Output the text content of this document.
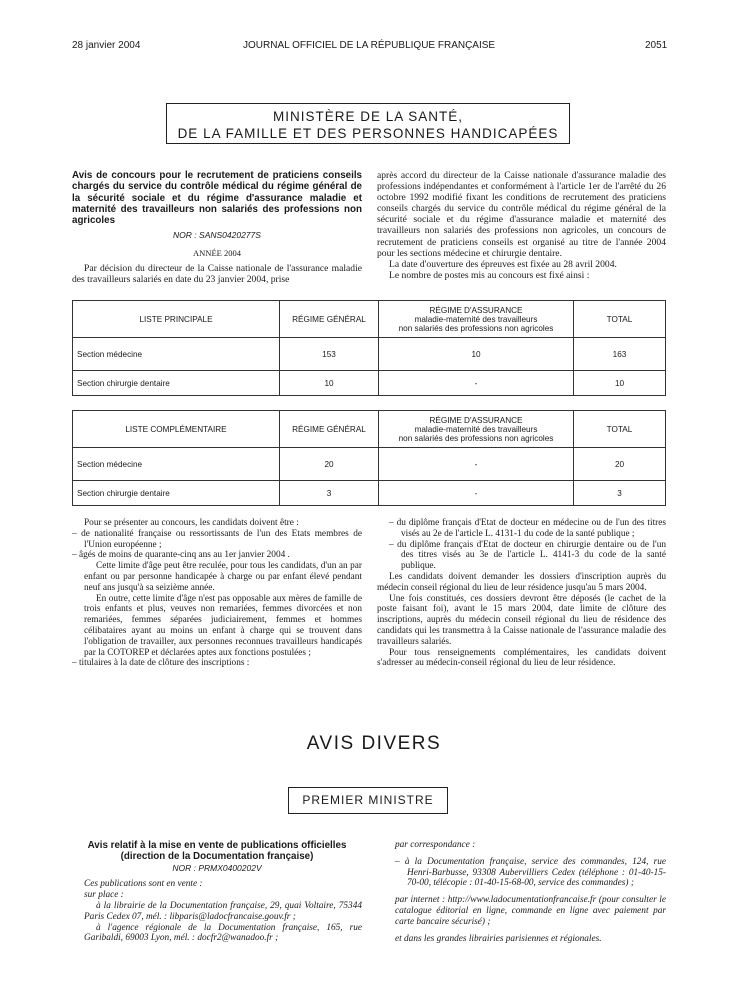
28 janvier 2004	JOURNAL OFFICIEL DE LA RÉPUBLIQUE FRANÇAISE	2051
MINISTÈRE DE LA SANTÉ,
DE LA FAMILLE ET DES PERSONNES HANDICAPÉES

Avis de concours pour le recrutement de praticiens conseils chargés du service du contrôle médical du régime général de la sécurité sociale et du régime d'assurance maladie et maternité des travailleurs non salariés des professions non agricoles

NOR : SANS0420277S

ANNÉE 2004

Par décision du directeur de la Caisse nationale de l'assurance maladie des travailleurs salariés en date du 23 janvier 2004, prise

après accord du directeur de la Caisse nationale d'assurance maladie des professions indépendantes et conformément à l'article 1er de l'arrêté du 26 octobre 1992 modifié fixant les conditions de recrutement des praticiens conseils chargés du service du contrôle médical du régime général de la sécurité sociale et du régime d'assurance maladie et maternité des travailleurs non salariés des professions non agricoles, un concours de recrutement de praticiens conseils est organisé au titre de l'année 2004 pour les sections médecine et chirurgie dentaire.

La date d'ouverture des épreuves est fixée au 28 avril 2004.

Le nombre de postes mis au concours est fixé ainsi :

LISTE PRINCIPALE	RÉGIME GÉNÉRAL	RÉGIME D'ASSURANCE
maladie-maternité des travailleurs
non salariés des professions non agricoles	TOTAL
Section médecine	153	10	163
Section chirurgie dentaire	10	-	10
LISTE COMPLÉMENTAIRE	RÉGIME GÉNÉRAL	RÉGIME D'ASSURANCE
maladie-maternité des travailleurs
non salariés des professions non agricoles	TOTAL
Section médecine	20	-	20
Section chirurgie dentaire	3	-	3

Pour se présenter au concours, les candidats doivent être :

– de nationalité française ou ressortissants de l'un des Etats membres de l'Union européenne ;

– âgés de moins de quarante-cinq ans au 1er janvier 2004 .

Cette limite d'âge peut être reculée, pour tous les candidats, d'un an par enfant ou par personne handicapée à charge ou par enfant élevé pendant neuf ans jusqu'à sa seizième année.

En outre, cette limite d'âge n'est pas opposable aux mères de famille de trois enfants et plus, veuves non remariées, femmes divorcées et non remariées, femmes séparées judiciairement, femmes et hommes célibataires ayant au moins un enfant à charge qui se trouvent dans l'obligation de travailler, aux personnes reconnues travailleurs handicapés par la COTOREP et déclarées aptes aux fonctions postulées ;

– titulaires à la date de clôture des inscriptions :

– du diplôme français d'Etat de docteur en médecine ou de l'un des titres visés au 2e de l'article L. 4131-1 du code de la santé publique ;

– du diplôme français d'Etat de docteur en chirurgie dentaire ou de l'un des titres visés au 3e de l'article L. 4141-3 du code de la santé publique.

Les candidats doivent demander les dossiers d'inscription auprès du médecin conseil régional du lieu de leur résidence jusqu'au 5 mars 2004.

Une fois constitués, ces dossiers devront être déposés (le cachet de la poste faisant foi), avant le 15 mars 2004, date limite de clôture des inscriptions, auprès du médecin conseil régional du lieu de résidence des candidats qui les transmettra à la Caisse nationale de l'assurance maladie des travailleurs salariés.

Pour tous renseignements complémentaires, les candidats doivent s'adresser au médecin-conseil régional du lieu de leur résidence.

AVIS DIVERS
PREMIER MINISTRE

Avis relatif à la mise en vente de publications officielles (direction de la Documentation française)

NOR : PRMX0400202V

Ces publications sont en vente :

sur place :

à la librairie de la Documentation française, 29, quai Voltaire, 75344 Paris Cedex 07, mél. : libparis@ladocfrancaise.gouv.fr ;

à l'agence régionale de la Documentation française, 165, rue Garibaldi, 69003 Lyon, mél. : docfr2@wanadoo.fr ;

par correspondance :

– à la Documentation française, service des commandes, 124, rue Henri-Barbusse, 93308 Aubervilliers Cedex (téléphone : 01-40-15-70-00, télécopie : 01-40-15-68-00, service des commandes) ;

par internet : http://www.ladocumentationfrancaise.fr (pour consulter le catalogue éditorial en ligne, commande en ligne avec paiement par carte bancaire sécurisé) ;

et dans les grandes librairies parisiennes et régionales.
